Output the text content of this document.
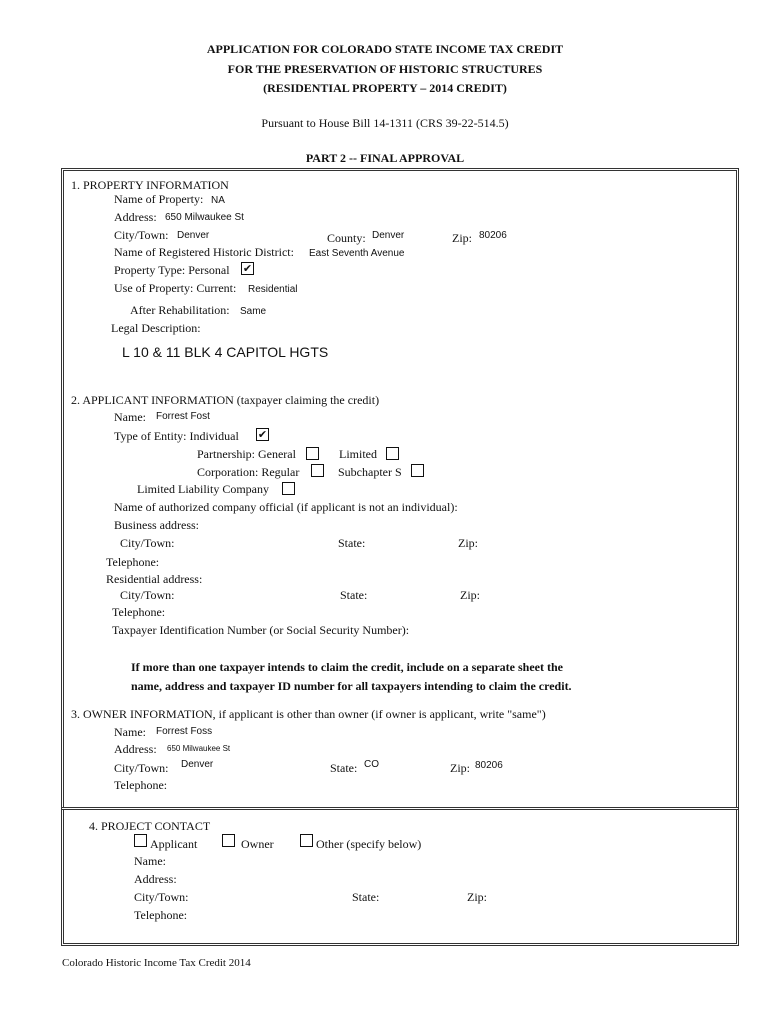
APPLICATION FOR COLORADO STATE INCOME TAX CREDIT
FOR THE PRESERVATION OF HISTORIC STRUCTURES
(RESIDENTIAL PROPERTY – 2014 CREDIT)
Pursuant to House Bill 14-1311 (CRS 39-22-514.5)
PART 2 -- FINAL APPROVAL
1. PROPERTY INFORMATION
Name of Property: NA
Address: 650 Milwaukee St
City/Town: Denver	County: Denver	Zip: 80206
Name of Registered Historic District: East Seventh Avenue
Property Type: Personal ✔
Use of Property: Current: Residential
After Rehabilitation: Same
Legal Description:
L 10 & 11 BLK 4 CAPITOL HGTS
2. APPLICANT INFORMATION (taxpayer claiming the credit)
Name: Forrest Fost
Type of Entity: Individual ✔
Partnership: General	Limited
Corporation: Regular	Subchapter S
Limited Liability Company
Name of authorized company official (if applicant is not an individual):
Business address:
City/Town:	State:	Zip:
Telephone:
Residential address:
City/Town:	State:	Zip:
Telephone:
Taxpayer Identification Number (or Social Security Number):
If more than one taxpayer intends to claim the credit, include on a separate sheet the
name, address and taxpayer ID number for all taxpayers intending to claim the credit.
3. OWNER INFORMATION, if applicant is other than owner (if owner is applicant, write "same")
Name: Forrest Foss
Address: 650 Milwaukee St
City/Town: Denver	State: CO	Zip: 80206
Telephone:
4. PROJECT CONTACT
Applicant	Owner	Other (specify below)
Name:
Address:
City/Town:	State:	Zip:
Telephone:
Colorado Historic Income Tax Credit 2014
